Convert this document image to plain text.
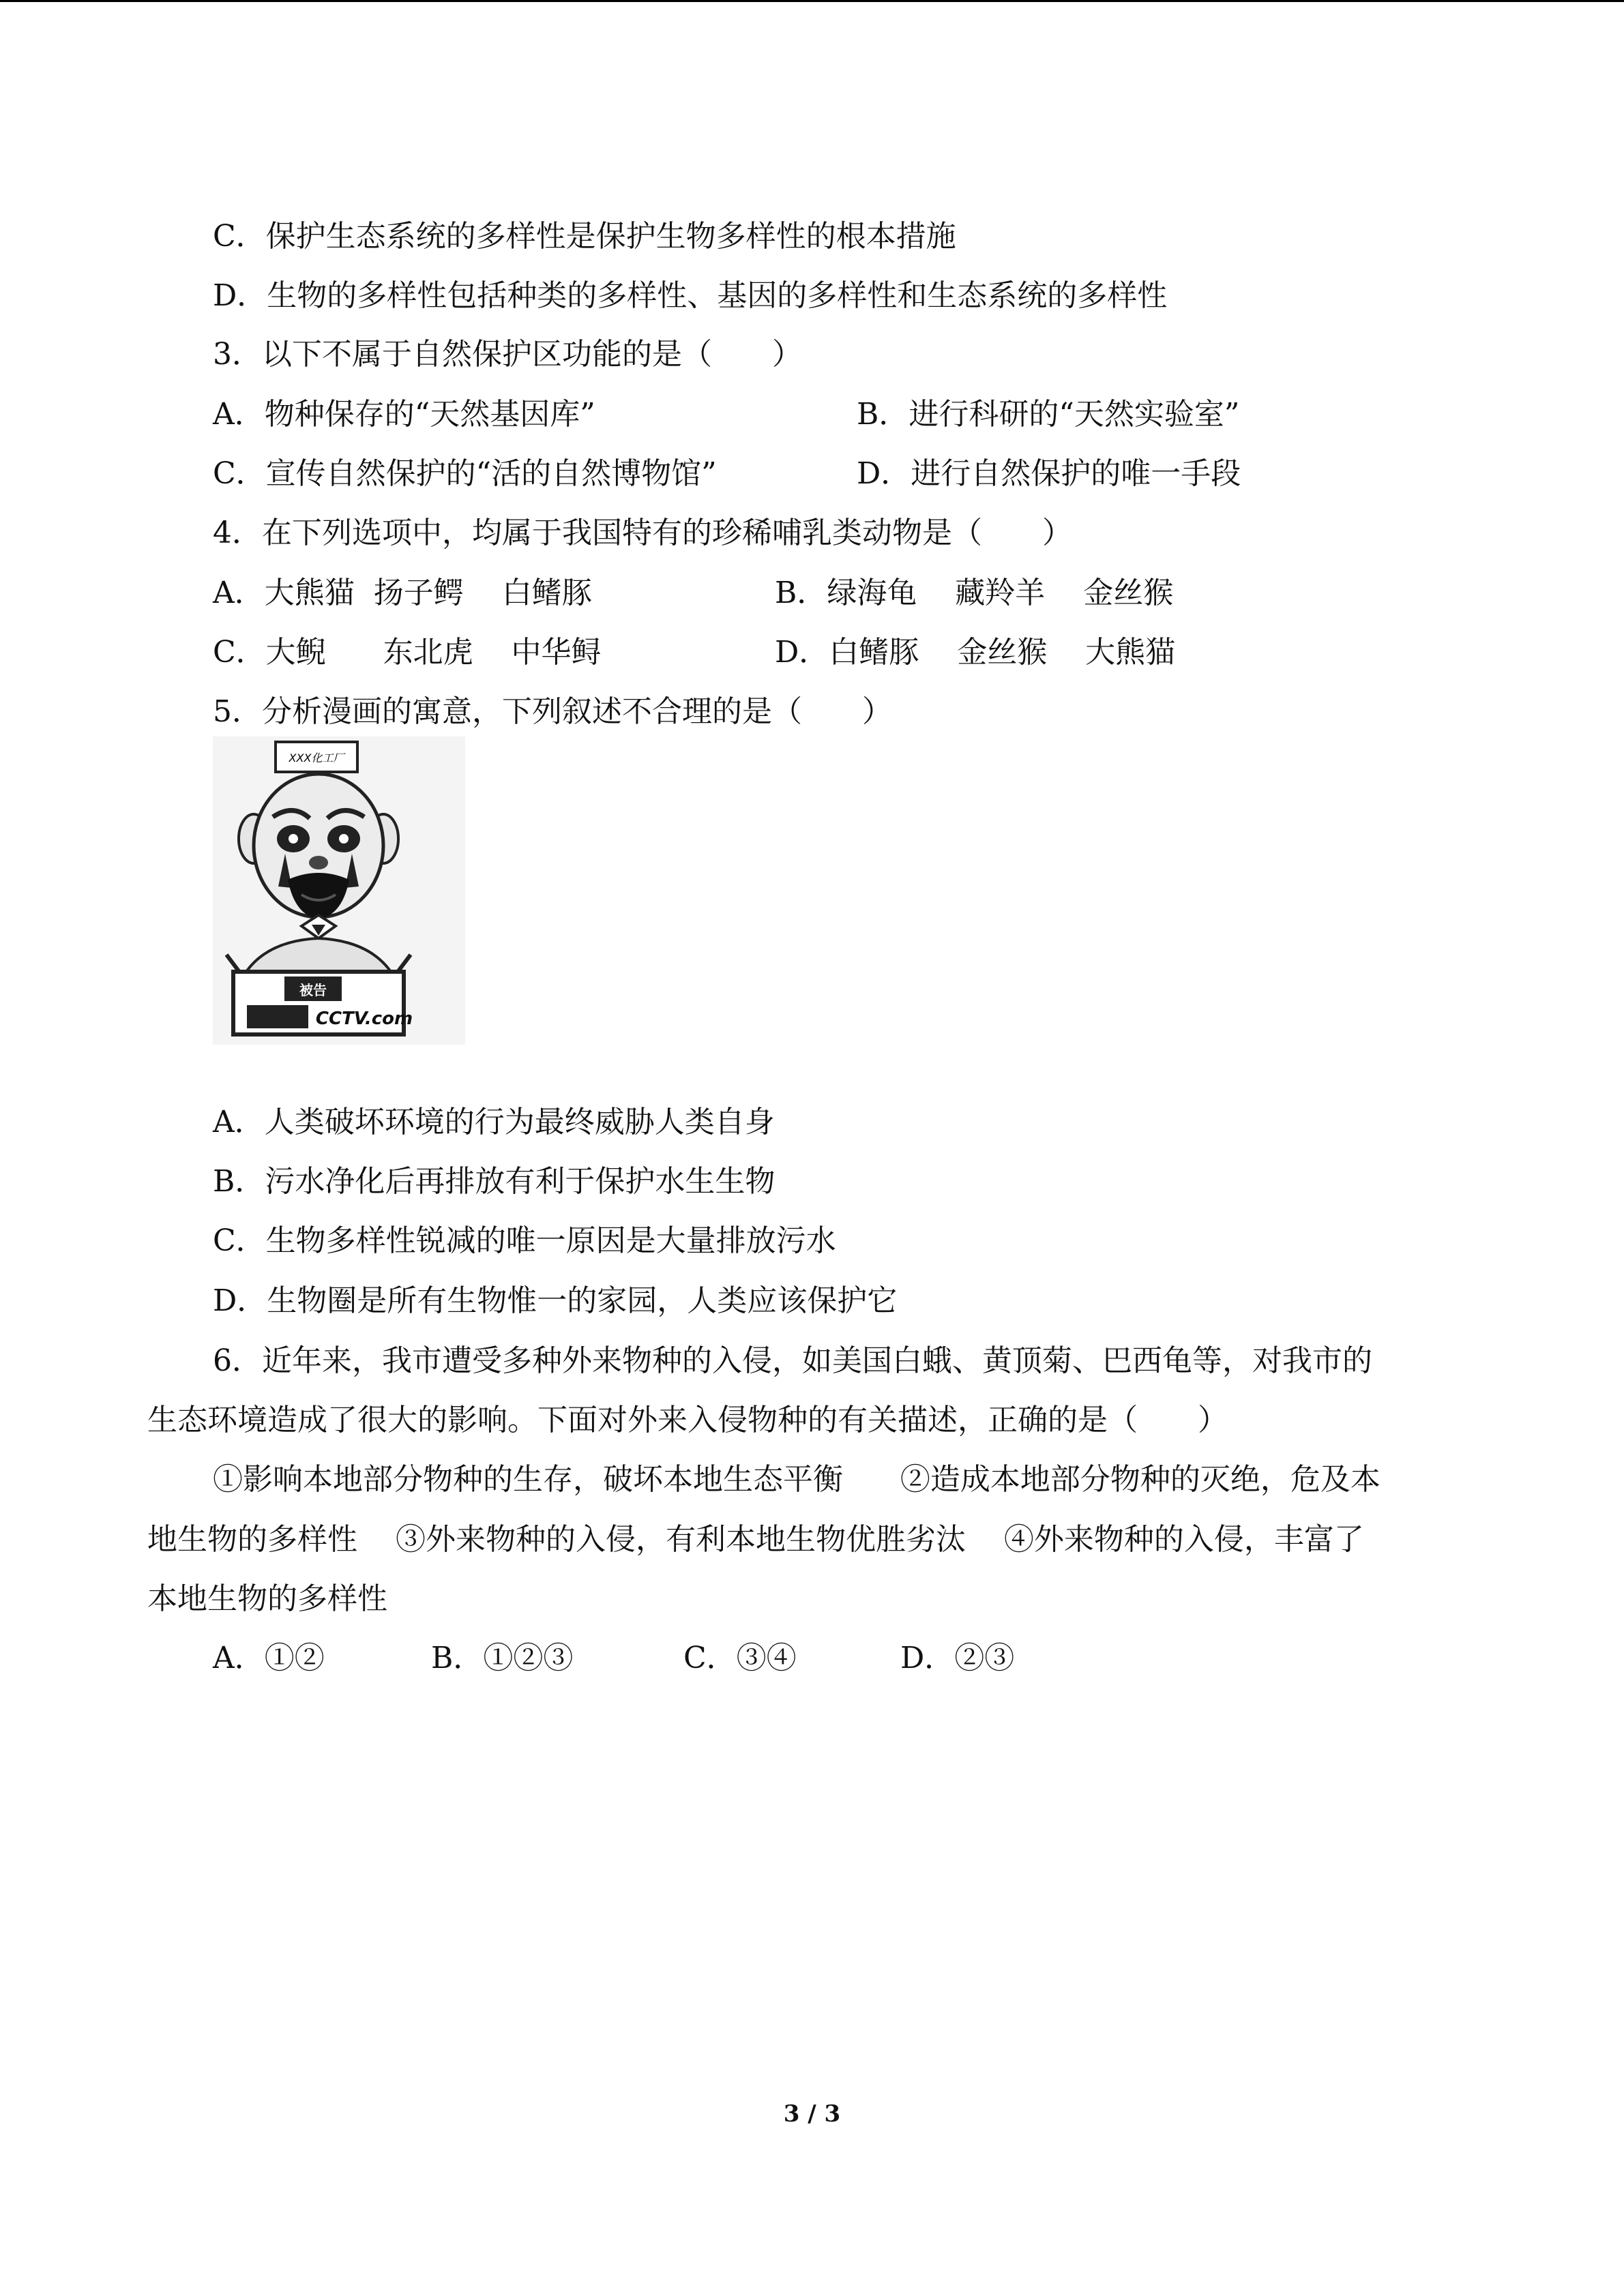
C．保护生态系统的多样性是保护生物多样性的根本措施
D．生物的多样性包括种类的多样性、基因的多样性和生态系统的多样性
3．以下不属于自然保护区功能的是（　　）
A．物种保存的“天然基因库”	B．进行科研的“天然实验室”
C．宣传自然保护的“活的自然博物馆”	D．进行自然保护的唯一手段
4．在下列选项中，均属于我国特有的珍稀哺乳类动物是（　　）
A．大熊猫  扬子鳄    白鳍豚	B．绿海龟    藏羚羊    金丝猴
C．大鲵      东北虎    中华鲟	D．白鳍豚    金丝猴    大熊猫
5．分析漫画的寓意，下列叙述不合理的是（　　）
XXX化工厂
被告
CCTV.com
A．人类破坏环境的行为最终威胁人类自身
B．污水净化后再排放有利于保护水生生物
C．生物多样性锐减的唯一原因是大量排放污水
D．生物圈是所有生物惟一的家园，人类应该保护它
6．近年来，我市遭受多种外来物种的入侵，如美国白蛾、黄顶菊、巴西龟等，对我市的
生态环境造成了很大的影响。下面对外来入侵物种的有关描述，正确的是（　　）
①影响本地部分物种的生存，破坏本地生态平衡      ②造成本地部分物种的灭绝，危及本
地生物的多样性    ③外来物种的入侵，有利本地生物优胜劣汰    ④外来物种的入侵，丰富了
本地生物的多样性
A．①②	B．①②③	C．③④	D．②③
3 / 3
